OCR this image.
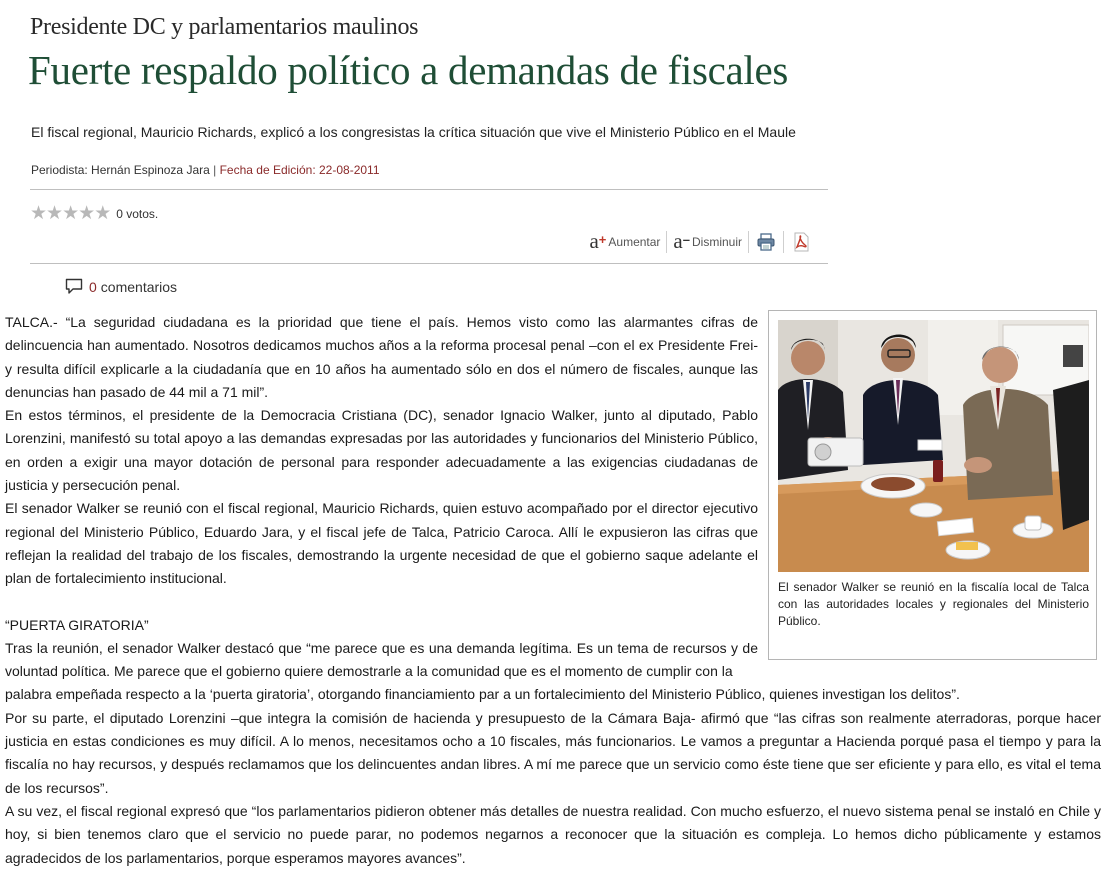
Presidente DC y parlamentarios maulinos
Fuerte respaldo político a demandas de fiscales
El fiscal regional, Mauricio Richards, explicó a los congresistas la crítica situación que vive el Ministerio Público en el Maule
Periodista: Hernán Espinoza Jara | Fecha de Edición: 22-08-2011
★ ★ ★ ★ ★ 0 votos.
a+ Aumentar a– Disminuir
0 comentarios
El senador Walker se reunió en la fiscalía local de Talca con las autoridades locales y regionales del Ministerio Público.

TALCA.- “La seguridad ciudadana es la prioridad que tiene el país. Hemos visto como las alarmantes cifras de delincuencia han aumentado. Nosotros dedicamos muchos años a la reforma procesal penal –con el ex Presidente Frei- y resulta difícil explicarle a la ciudadanía que en 10 años ha aumentado sólo en dos el número de fiscales, aunque las denuncias han pasado de 44 mil a 71 mil”.

En estos términos, el presidente de la Democracia Cristiana (DC), senador Ignacio Walker, junto al diputado, Pablo Lorenzini, manifestó su total apoyo a las demandas expresadas por las autoridades y funcionarios del Ministerio Público, en orden a exigir una mayor dotación de personal para responder adecuadamente a las exigencias ciudadanas de justicia y persecución penal.

El senador Walker se reunió con el fiscal regional, Mauricio Richards, quien estuvo acompañado por el director ejecutivo regional del Ministerio Público, Eduardo Jara, y el fiscal jefe de Talca, Patricio Caroca. Allí le expusieron las cifras que reflejan la realidad del trabajo de los fiscales, demostrando la urgente necesidad de que el gobierno saque adelante el plan de fortalecimiento institucional.

“PUERTA GIRATORIA”

Tras la reunión, el senador Walker destacó que “me parece que es una demanda legítima. Es un tema de recursos y de voluntad política. Me parece que el gobierno quiere demostrarle a la comunidad que es el momento de cumplir con la

palabra empeñada respecto a la ‘puerta giratoria’, otorgando financiamiento par a un fortalecimiento del Ministerio Público, quienes investigan los delitos”.

Por su parte, el diputado Lorenzini –que integra la comisión de hacienda y presupuesto de la Cámara Baja- afirmó que “las cifras son realmente aterradoras, porque hacer justicia en estas condiciones es muy difícil. A lo menos, necesitamos ocho a 10 fiscales, más funcionarios. Le vamos a preguntar a Hacienda porqué pasa el tiempo y para la fiscalía no hay recursos, y después reclamamos que los delincuentes andan libres. A mí me parece que un servicio como éste tiene que ser eficiente y para ello, es vital el tema de los recursos”.

A su vez, el fiscal regional expresó que “los parlamentarios pidieron obtener más detalles de nuestra realidad. Con mucho esfuerzo, el nuevo sistema penal se instaló en Chile y hoy, si bien tenemos claro que el servicio no puede parar, no podemos negarnos a reconocer que la situación es compleja. Lo hemos dicho públicamente y estamos agradecidos de los parlamentarios, porque esperamos mayores avances”.
